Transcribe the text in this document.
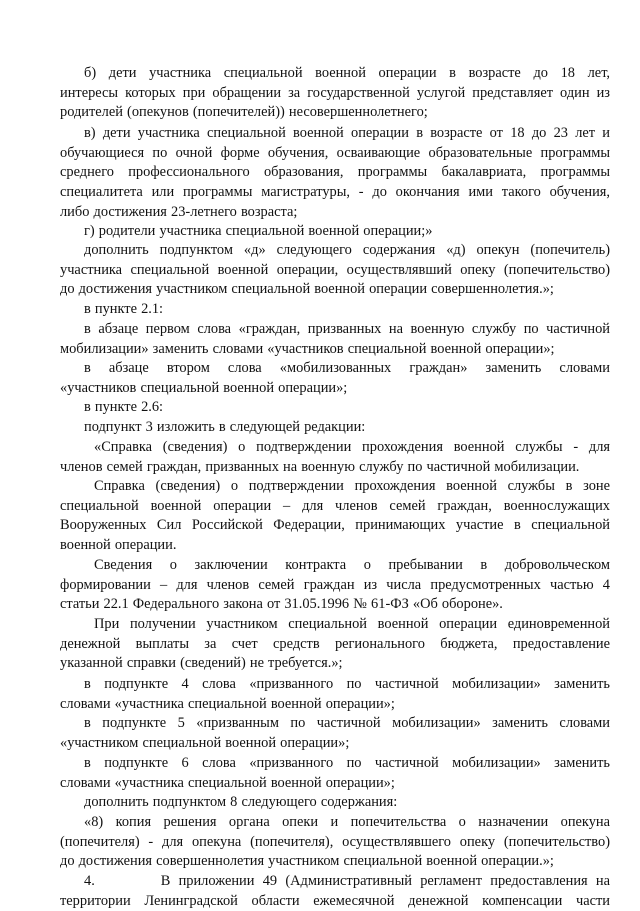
б) дети участника специальной военной операции в возрасте до 18 лет,
интересы которых при обращении за государственной услугой представляет один из
родителей (опекунов (попечителей)) несовершеннолетнего;
в) дети участника специальной военной операции в возрасте от 18 до 23 лет и
обучающиеся по очной форме обучения, осваивающие образовательные программы
среднего профессионального образования, программы бакалавриата, программы
специалитета или программы магистратуры, - до окончания ими такого обучения,
либо достижения 23-летнего возраста;
г) родители участника специальной военной операции;»
дополнить подпунктом «д» следующего содержания «д) опекун (попечитель)
участника специальной военной операции, осуществлявший опеку (попечительство)
до достижения участником специальной военной операции совершеннолетия.»;
в пункте 2.1:
в абзаце первом слова «граждан, призванных на военную службу по частичной
мобилизации» заменить словами «участников специальной военной операции»;
в абзаце втором слова «мобилизованных граждан» заменить словами
«участников специальной военной операции»;
в пункте 2.6:
подпункт 3 изложить в следующей редакции:
«Справка (сведения) о подтверждении прохождения военной службы - для
членов семей граждан, призванных на военную службу по частичной мобилизации.
Справка (сведения) о подтверждении прохождения военной службы в зоне
специальной военной операции – для членов семей граждан, военнослужащих
Вооруженных Сил Российской Федерации, принимающих участие в специальной
военной операции.
Сведения о заключении контракта о пребывании в добровольческом
формировании – для членов семей граждан из числа предусмотренных частью 4
статьи 22.1 Федерального закона от 31.05.1996 № 61-ФЗ «Об обороне».
При получении участником специальной военной операции единовременной
денежной выплаты за счет средств регионального бюджета, предоставление
указанной справки (сведений) не требуется.»;
в подпункте 4 слова «призванного по частичной мобилизации» заменить
словами «участника специальной военной операции»;
в подпункте 5 «призванным по частичной мобилизации» заменить словами
«участником специальной военной операции»;
в подпункте 6 слова «призванного по частичной мобилизации» заменить
словами «участника специальной военной операции»;
дополнить подпунктом 8 следующего содержания:
«8) копия решения органа опеки и попечительства о назначении опекуна
(попечителя) - для опекуна (попечителя), осуществлявшего опеку (попечительство)
до достижения совершеннолетия участником специальной военной операции.»;
4.        В приложении 49 (Административный регламент предоставления на
территории Ленинградской области ежемесячной денежной компенсации части
